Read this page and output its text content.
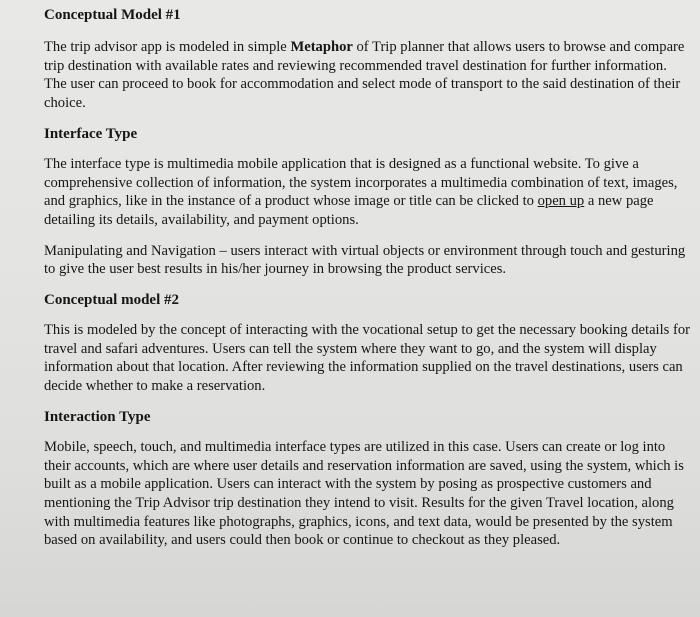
Conceptual Model #1

The trip advisor app is modeled in simple Metaphor of Trip planner that allows users to browse and compare trip destination with available rates and reviewing recommended travel destination for further information. The user can proceed to book for accommodation and select mode of transport to the said destination of their choice.

Interface Type

The interface type is multimedia mobile application that is designed as a functional website. To give a comprehensive collection of information, the system incorporates a multimedia combination of text, images, and graphics, like in the instance of a product whose image or title can be clicked to open up a new page detailing its details, availability, and payment options.

Manipulating and Navigation – users interact with virtual objects or environment through touch and gesturing to give the user best results in his/her journey in browsing the product services.

Conceptual model #2

This is modeled by the concept of interacting with the vocational setup to get the necessary booking details for travel and safari adventures. Users can tell the system where they want to go, and the system will display information about that location. After reviewing the information supplied on the travel destinations, users can decide whether to make a reservation.

Interaction Type

Mobile, speech, touch, and multimedia interface types are utilized in this case. Users can create or log into their accounts, which are where user details and reservation information are saved, using the system, which is built as a mobile application. Users can interact with the system by posing as prospective customers and mentioning the Trip Advisor trip destination they intend to visit. Results for the given Travel location, along with multimedia features like photographs, graphics, icons, and text data, would be presented by the system based on availability, and users could then book or continue to checkout as they pleased.
